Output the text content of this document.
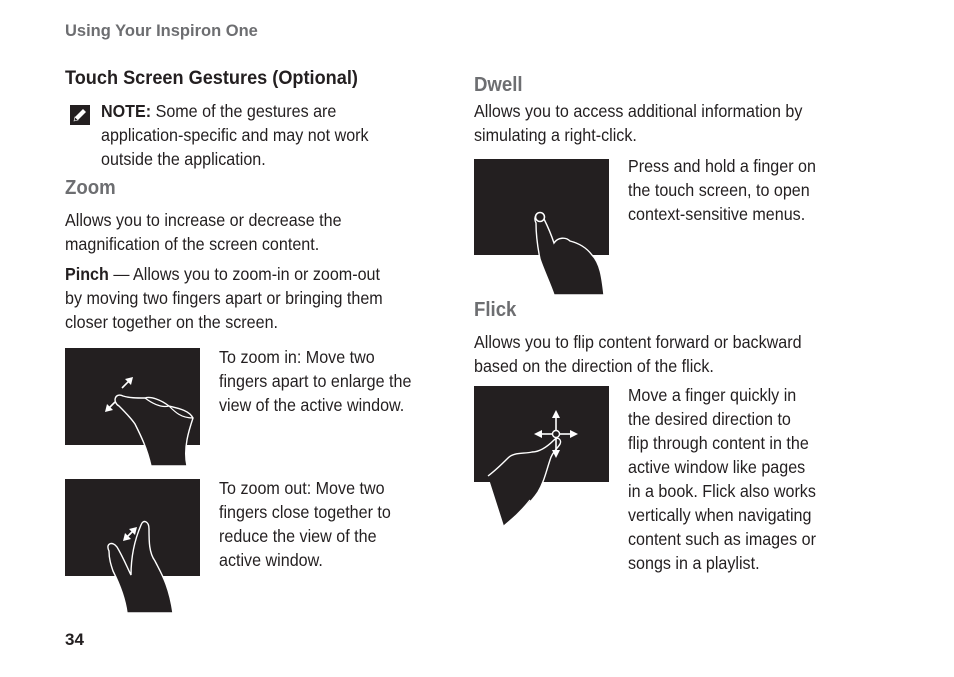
Using Your Inspiron One
Touch Screen Gestures (Optional)
NOTE: Some of the gestures are
application-specific and may not work
outside the application.
Zoom
Allows you to increase or decrease the
magnification of the screen content.
Pinch — Allows you to zoom-in or zoom-out
by moving two fingers apart or bringing them
closer together on the screen.
To zoom in: Move two
fingers apart to enlarge the
view of the active window.
To zoom out: Move two
fingers close together to
reduce the view of the
active window.
Dwell
Allows you to access additional information by
simulating a right-click.
Press and hold a finger on
the touch screen, to open
context-sensitive menus.
Flick
Allows you to flip content forward or backward
based on the direction of the flick.
Move a finger quickly in
the desired direction to
flip through content in the
active window like pages
in a book. Flick also works
vertically when navigating
content such as images or
songs in a playlist.
34
